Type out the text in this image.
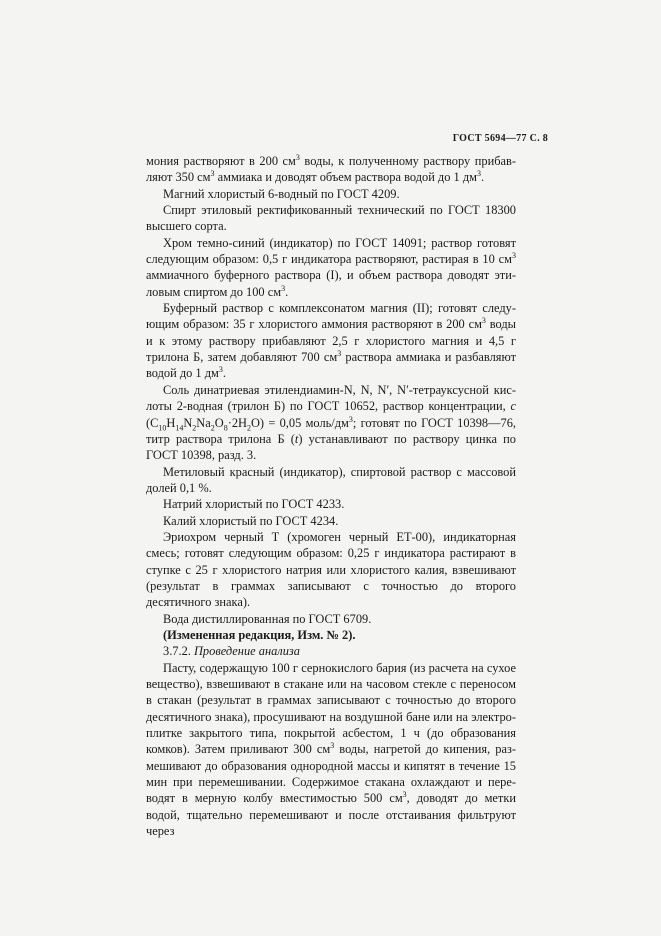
ГОСТ 5694—77 С. 8

мония растворяют в 200 $см^3$ воды, к полученному раствору прибавляют 350 $см^3$ аммиака и доводят объем раствора водой до 1 $дм^3$.

Магний хлористый 6-водный по ГОСТ 4209.

Спирт этиловый ректификованный технический по ГОСТ 18300 высшего сорта.

Хром темно-синий (индикатор) по ГОСТ 14091; раствор готовят следующим образом: 0,5 г индикатора растворяют, растирая в 10 $см^3$ аммиачного буферного раствора (I), и объем раствора доводят этиловым спиртом до 100 $см^3$.

Буферный раствор с комплексонатом магния (II); готовят следующим образом: 35 г хлористого аммония растворяют в 200 $см^3$ воды и к этому раствору прибавляют 2,5 г хлористого магния и 4,5 г трилона Б, затем добавляют 700 $см^3$ раствора аммиака и разбавляют водой до 1 $дм^3$.

Соль динатриевая этилендиамин-N, N, N′, N′-тетрауксусной кислоты 2-водная (трилон Б) по ГОСТ 10652, раствор концентрации, c $(C_{10}H_{14}N_2Na_2O_8\cdot 2H_2O) = 0,05$ моль/$дм^3$; готовят по ГОСТ 10398—76, титр раствора трилона Б (t) устанавливают по раствору цинка по ГОСТ 10398, разд. 3.

Метиловый красный (индикатор), спиртовой раствор с массовой долей 0,1 %.

Натрий хлористый по ГОСТ 4233.

Калий хлористый по ГОСТ 4234.

Эриохром черный Т (хромоген черный ЕТ-00), индикаторная смесь; готовят следующим образом: 0,25 г индикатора растирают в ступке с 25 г хлористого натрия или хлористого калия, взвешивают (результат в граммах записывают с точностью до второго десятичного знака).

Вода дистиллированная по ГОСТ 6709.

(Измененная редакция, Изм. № 2).

3.7.2. Проведение анализа

Пасту, содержащую 100 г сернокислого бария (из расчета на сухое вещество), взвешивают в стакане или на часовом стекле с переносом в стакан (результат в граммах записывают с точностью до второго десятичного знака), просушивают на воздушной бане или на электроплитке закрытого типа, покрытой асбестом, 1 ч (до образования комков). Затем приливают 300 $см^3$ воды, нагретой до кипения, размешивают до образования однородной массы и кипятят в течение 15 мин при перемешивании. Содержимое стакана охлаждают и переводят в мерную колбу вместимостью 500 $см^3$, доводят до метки водой, тщательно перемешивают и после отстаивания фильтруют через
